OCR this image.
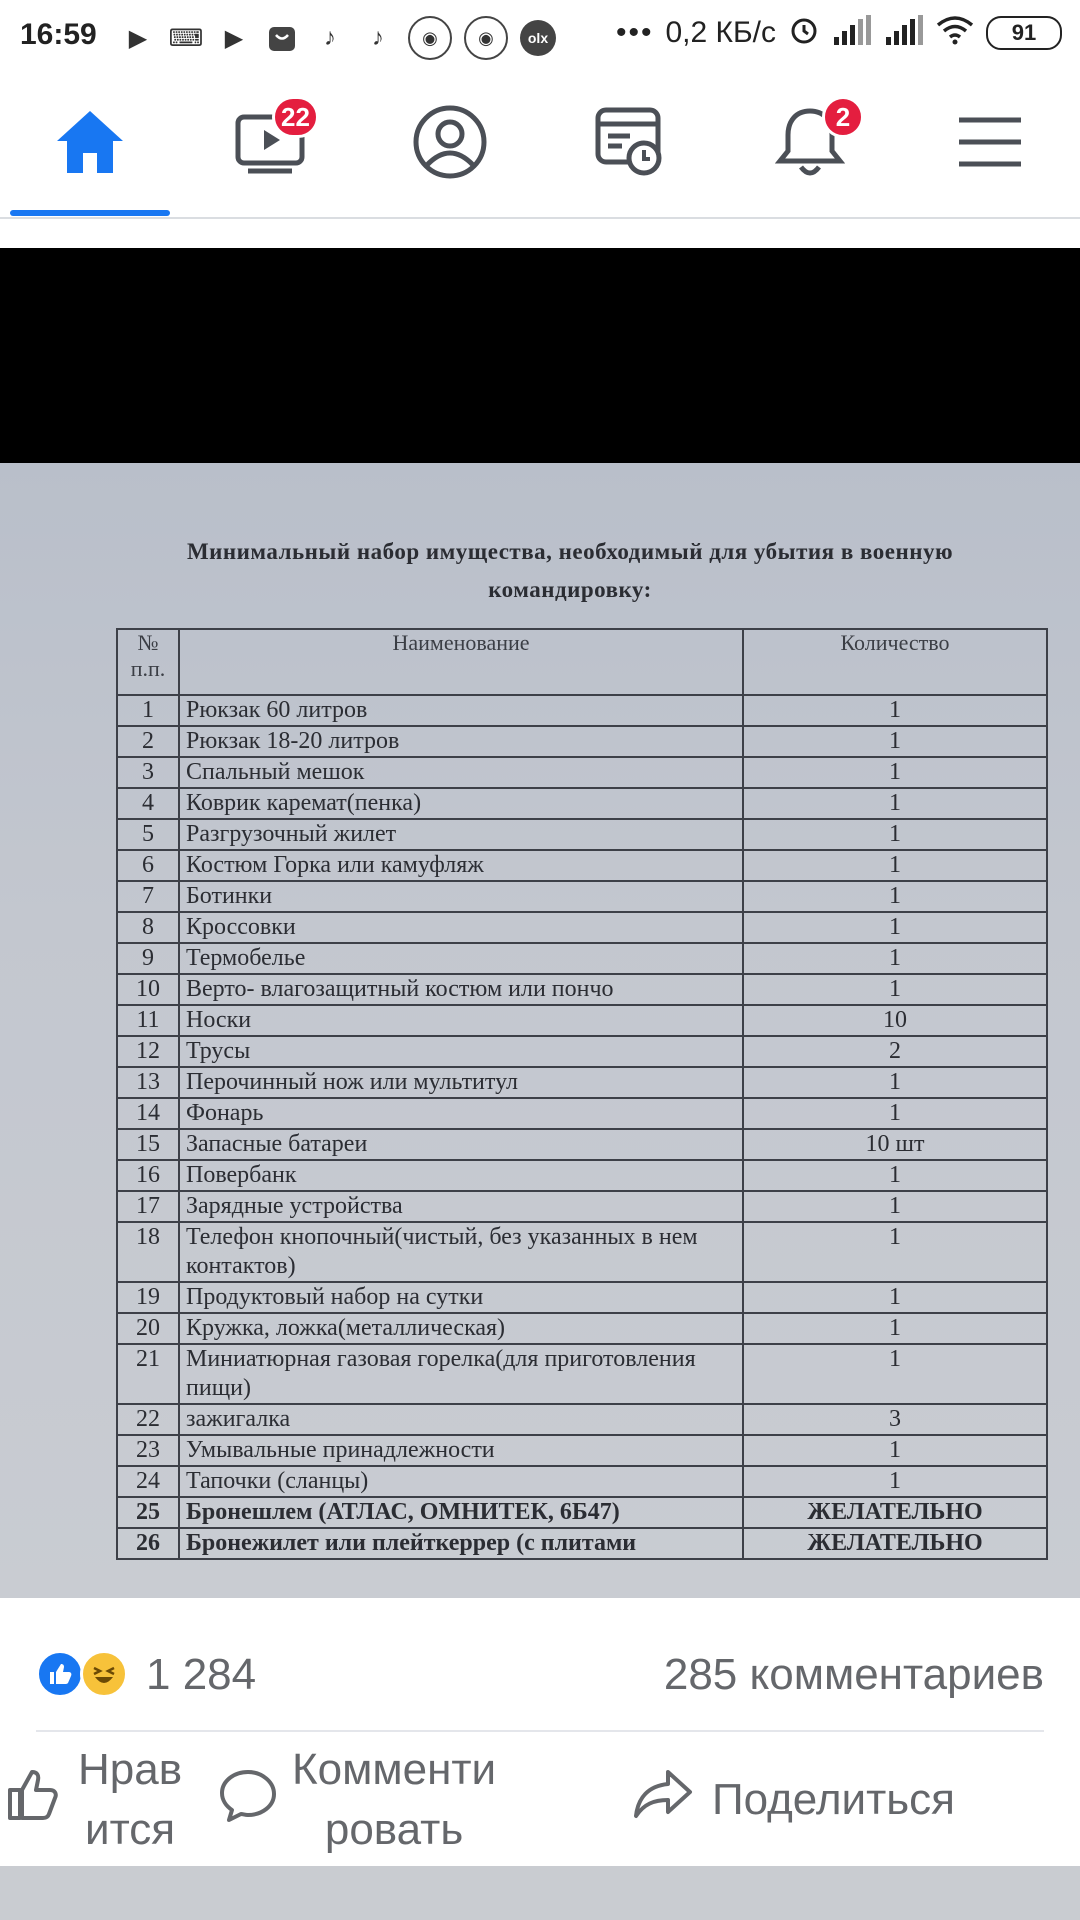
16:59	▶ ⌨ ▶	♪	♪	◉	◉	olx ••• 0,2 КБ/с	91
22	2
Минимальный набор имущества, необходимый для убытия в военную
командировку:
№ п.п.	Наименование	Количество
1	Рюкзак 60 литров	1
2	Рюкзак 18-20 литров	1
3	Спальный мешок	1
4	Коврик каремат(пенка)	1
5	Разгрузочный жилет	1
6	Костюм Горка или камуфляж	1
7	Ботинки	1
8	Кроссовки	1
9	Термобелье	1
10	Верто- влагозащитный костюм или пончо	1
11	Носки	10
12	Трусы	2
13	Перочинный нож или мультитул	1
14	Фонарь	1
15	Запасные батареи	10 шт
16	Повербанк	1
17	Зарядные устройства	1
18	Телефон кнопочный(чистый, без указанных в нем контактов)	1
19	Продуктовый набор на сутки	1
20	Кружка, ложка(металлическая)	1
21	Миниатюрная газовая горелка(для приготовления пищи)	1
22	зажигалка	3
23	Умывальные принадлежности	1
24	Тапочки (сланцы)	1
25	Бронешлем (АТЛАС, ОМНИТЕК, 6Б47)	ЖЕЛАТЕЛЬНО
26	Бронежилет или плейткеррер (с плитами	ЖЕЛАТЕЛЬНО
1 284	285 комментариев
Нрав
ится
Комменти
ровать
Поделиться
